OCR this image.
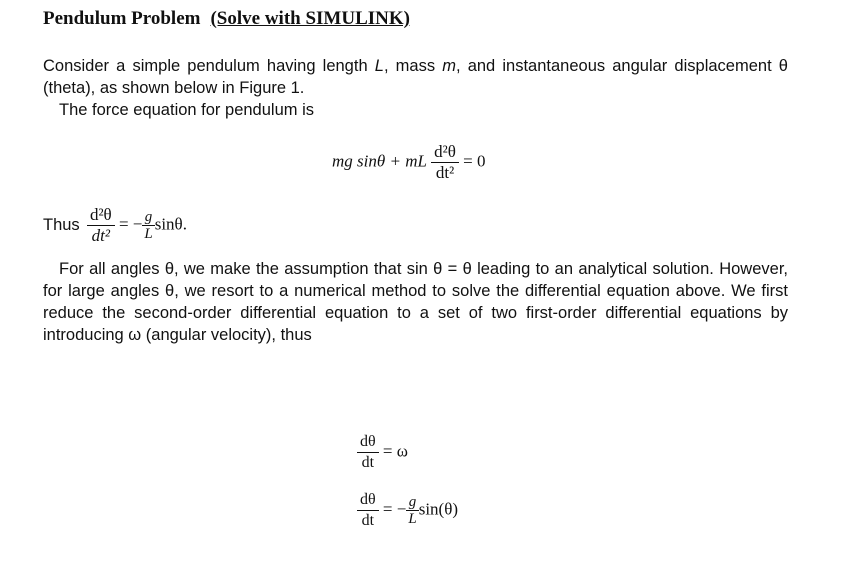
Pendulum Problem (Solve with SIMULINK)
Consider a simple pendulum having length L, mass m, and instantaneous angular displacement θ (theta), as shown below in Figure 1.
The force equation for pendulum is
mg sinθ + mL $\frac{\text{d²θ}}{\text{dt²}} = 0$
Thus $\frac{\text{d²θ}}{\text{dt²}}$ = − $\frac{g}{L} \sin\theta$.
For all angles θ, we make the assumption that sin θ = θ leading to an analytical solution. However, for large angles θ, we resort to a numerical method to solve the differential equation above. We first reduce the second-order differential equation to a set of two first-order differential equations by introducing ω (angular velocity), thus
$\frac{d\theta}{dt} = \omega$
$\frac{d\theta}{dt}$ = − $\frac{g}{L} \sin(\theta)$
